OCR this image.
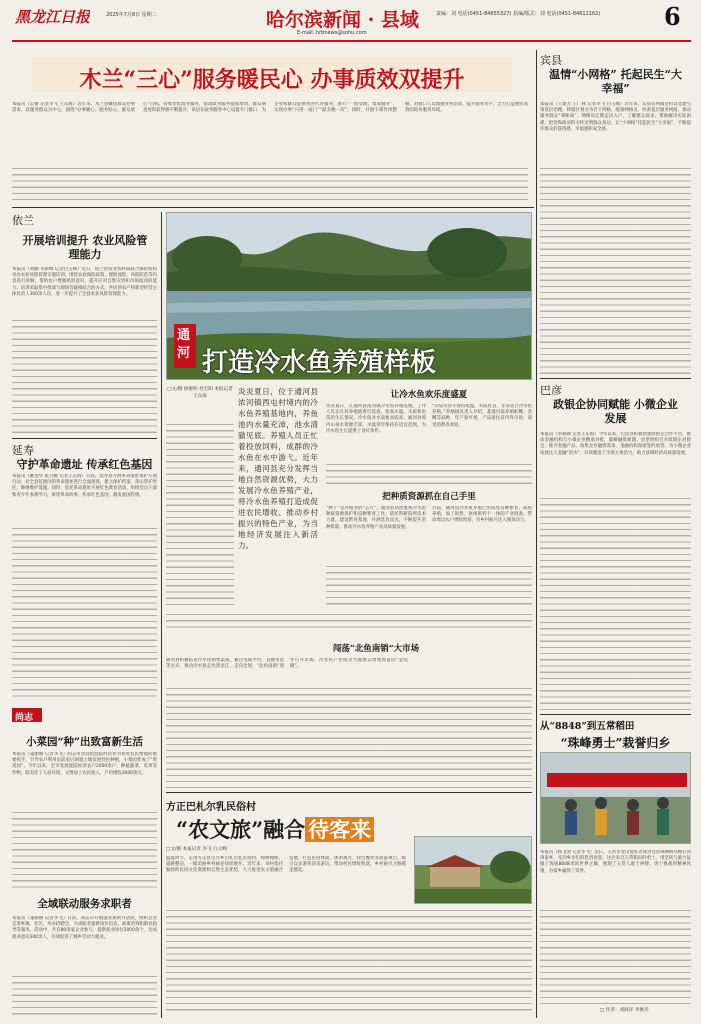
黑龙江日报	2025年7月8日 星期二	哈尔滨新闻 · 县域
E-mail: hrbnews@sohu.com
责编：刘 电话(0451-84655327) 执编/版式：刘 电话(0451-84612162)	6
木兰“三心”服务暖民心 办事质效双提升
本报讯（吴俊 记者李飞 王东海）近年来，木兰县聚焦群众办事需求，以服务群众为中心，围绕“办事暖心、服务贴心、群众放心”目标，持续优化政务服务，推动政务服务提质增效，群众满意度和获得感不断提升。该县在政务服务中心设置专门窗口，为企业和群众提供帮办代办服务，推行“一窗受理、集成服务”，实现办事“只进一扇门”“最多跑一次”。同时，开展干部作风整顿，对窗口人员加强业务培训，提升服务水平，全力打造便民高效的政务服务环境。
依兰
开展培训提升 农业风险管理能力
本报讯（黄鹏 李新峰 记者白玉峰）近日，依兰县农业农村局联合保险机构举办农业风险管理专题培训，围绕农业保险政策、理赔流程、风险防范等内容进行讲解，帮助农户增强风险意识，提升应对自然灾害和市场波动的能力。培训采取集中授课与现场答疑相结合的方式，共培训农户和新型经营主体负责人300余人次，进一步提升了全县农业风险管理能力。
延寿
守护革命遗址 传承红色基因
本报讯（戴金华 张月婉 记者王东海）日前，延寿县开展革命遗址保护专项行动，对全县范围内的革命遗址进行全面排查，建立保护档案，落实管护责任，修缮维护设施。同时，依托革命遗址开展红色教育活动，组织党员干部和青少年参观学习，讲述革命故事，传承红色基因，激发爱国热情。
尚志
小菜园“种”出致富新生活
本报讯（董丽丽 记者李飞）尚志市坚持把庭院经济作为促进农民增收的重要抓手，引导农户利用房前屋后闲置土地发展特色种植，小菜园变成了“致富园”。今年以来，全市发展庭院经济农户2000余户，种植蔬菜、瓜果等作物，既美化了人居环境，又增加了农民收入，户均增收3000余元。
全域联动服务求职者
本报讯（董丽丽 记者李飞）日前，尚志市开展就业援助月活动，组织企业走进乡镇、社区，举办招聘会，为求职者提供岗位信息、政策咨询和职业指导等服务。活动中，共有80余家企业参与，提供就业岗位2000余个，达成就业意向300余人，有效促进了城乡劳动力就业。
通河 打造冷水鱼养殖样板
□文/摄 杨俊明 杜宏阳 本报记者 王东海
炎炎夏日，位于通河县浓河镇西屯村境内的冷水鱼养殖基地内，养鱼池内水量充沛，池水清澈见底。养殖人员正忙着投放饲料，成群的冷水鱼在水中游弋。近年来，通河县充分发挥当地自然资源优势，大力发展冷水鱼养殖产业，将冷水鱼养殖打造成促进农民增收、推动乡村振兴的特色产业，为当地经济发展注入新活力。
让冷水鱼欢乐度盛夏
炎炎夏日，在通河县浓河镇冷水鱼养殖基地，工作人员正在对养殖池进行巡查，检查水温、水质和鱼苗的生长情况。冷水鱼对水质要求较高，通河县境内山泉水资源丰富，水温常年保持在适宜范围，为冷水鱼生长提供了良好条件。
“山泉水常年保持低温，水质优良，非常适合冷水鱼养殖。”养殖场负责人介绍，基地目前养殖虹鳟、金鳟等品种，年产量可观，产品销往省内外市场，深受消费者欢迎。
把种质资源抓在自己手里
“种子”是养殖业的“芯片”。通河县高度重视冷水鱼种质资源保护和良种繁育工作，依托科研院所技术力量，建设繁育基地，开展选育攻关，不断提升苗种质量，推动冷水鱼养殖产业高质量发展。
目前，通河县冷水鱼养殖已形成集苗种繁育、成鱼养殖、加工销售、休闲垂钓于一体的产业链条，带动周边农户增收致富，为乡村振兴注入强劲动力。
闯荡“北鱼南销”大市场
通河县积极拓宽冷水鱼销售渠道，通过电商平台、直播带货等方式，推动冷水鱼走出黑龙江、走向全国，“北鱼南销”逐步打开市场，冷水鱼产业成为当地群众增收致富的“金饭碗”。
方正巴札尔乳民俗村
“农文旅”融合 待客来
□文/摄 本报记者 李飞 白云峰
盛夏时节，走进方正县宝兴乡巴札尔乳民俗村，绿树掩映、道路整洁，一幅美丽乡村画卷徐徐展开。近年来，该村依托独特的民俗文化资源和自然生态优势，大力推进农文旅融合发展，打造民俗体验、休闲观光、特色餐饮等旅游项目，吸引众多游客前来游玩，带动村民增收致富，乡村振兴之路越走越宽。
宾县
温情“小网格” 托起民生“大幸福”
本报讯（王建杰 王广林 记者李飞 白玉峰）近年来，宾县宾州镇坚持以党建引领基层治理，将辖区划分为若干网格，配备网格员，织密基层服务网络，推动服务群众“零距离”。网格员定期走访入户，了解群众诉求，帮助解决实际困难，把党和政府的关怀送到群众身边，让“小网格”托起民生“大幸福”，不断提升群众的获得感、幸福感和安全感。
巴彦
政银企协同赋能 小微企业发展
本报讯（李骐骥 记者王东海）今年以来，巴彦县积极搭建政银企合作平台，推动金融机构与小微企业精准对接，破解融资难题。县里组织召开政银企对接会，推介金融产品，收集企业融资需求，金融机构现场签约放贷，为小微企业发展注入金融“活水”，有效激发了市场主体活力，助力县域经济高质量发展。
从“8848”到五常稻田
“珠峰勇士”栽誉归乡
本报讯（杨飞羽 记者李飞）近日，五常市登山爱好者成功登顶珠穆朗玛峰后回到家乡，受到乡亲们的热烈欢迎。这位来自五常稻田的勇士，用坚韧与毅力征服了海拔8848米的世界之巅，展现了五常人敢于拼搏、勇于挑战的精神风貌，为家乡赢得了荣誉。
□ 作者：刘海洋 李俊杰
